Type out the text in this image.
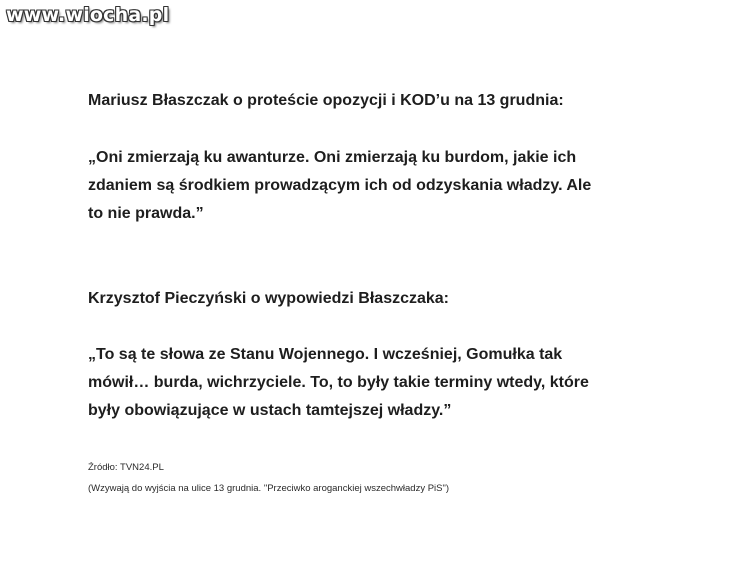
www.wiocha.pl
Mariusz Błaszczak o proteście opozycji i KOD’u na 13 grudnia:
„Oni zmierzają ku awanturze. Oni zmierzają ku burdom, jakie ich
zdaniem są środkiem prowadzącym ich od odzyskania władzy. Ale
to nie prawda.”
Krzysztof Pieczyński o wypowiedzi Błaszczaka:
„To są te słowa ze Stanu Wojennego. I wcześniej, Gomułka tak
mówił… burda, wichrzyciele. To, to były takie terminy wtedy, które
były obowiązujące w ustach tamtejszej władzy.”
Źródło: TVN24.PL
(Wzywają do wyjścia na ulice 13 grudnia. "Przeciwko aroganckiej wszechwładzy PiS")
